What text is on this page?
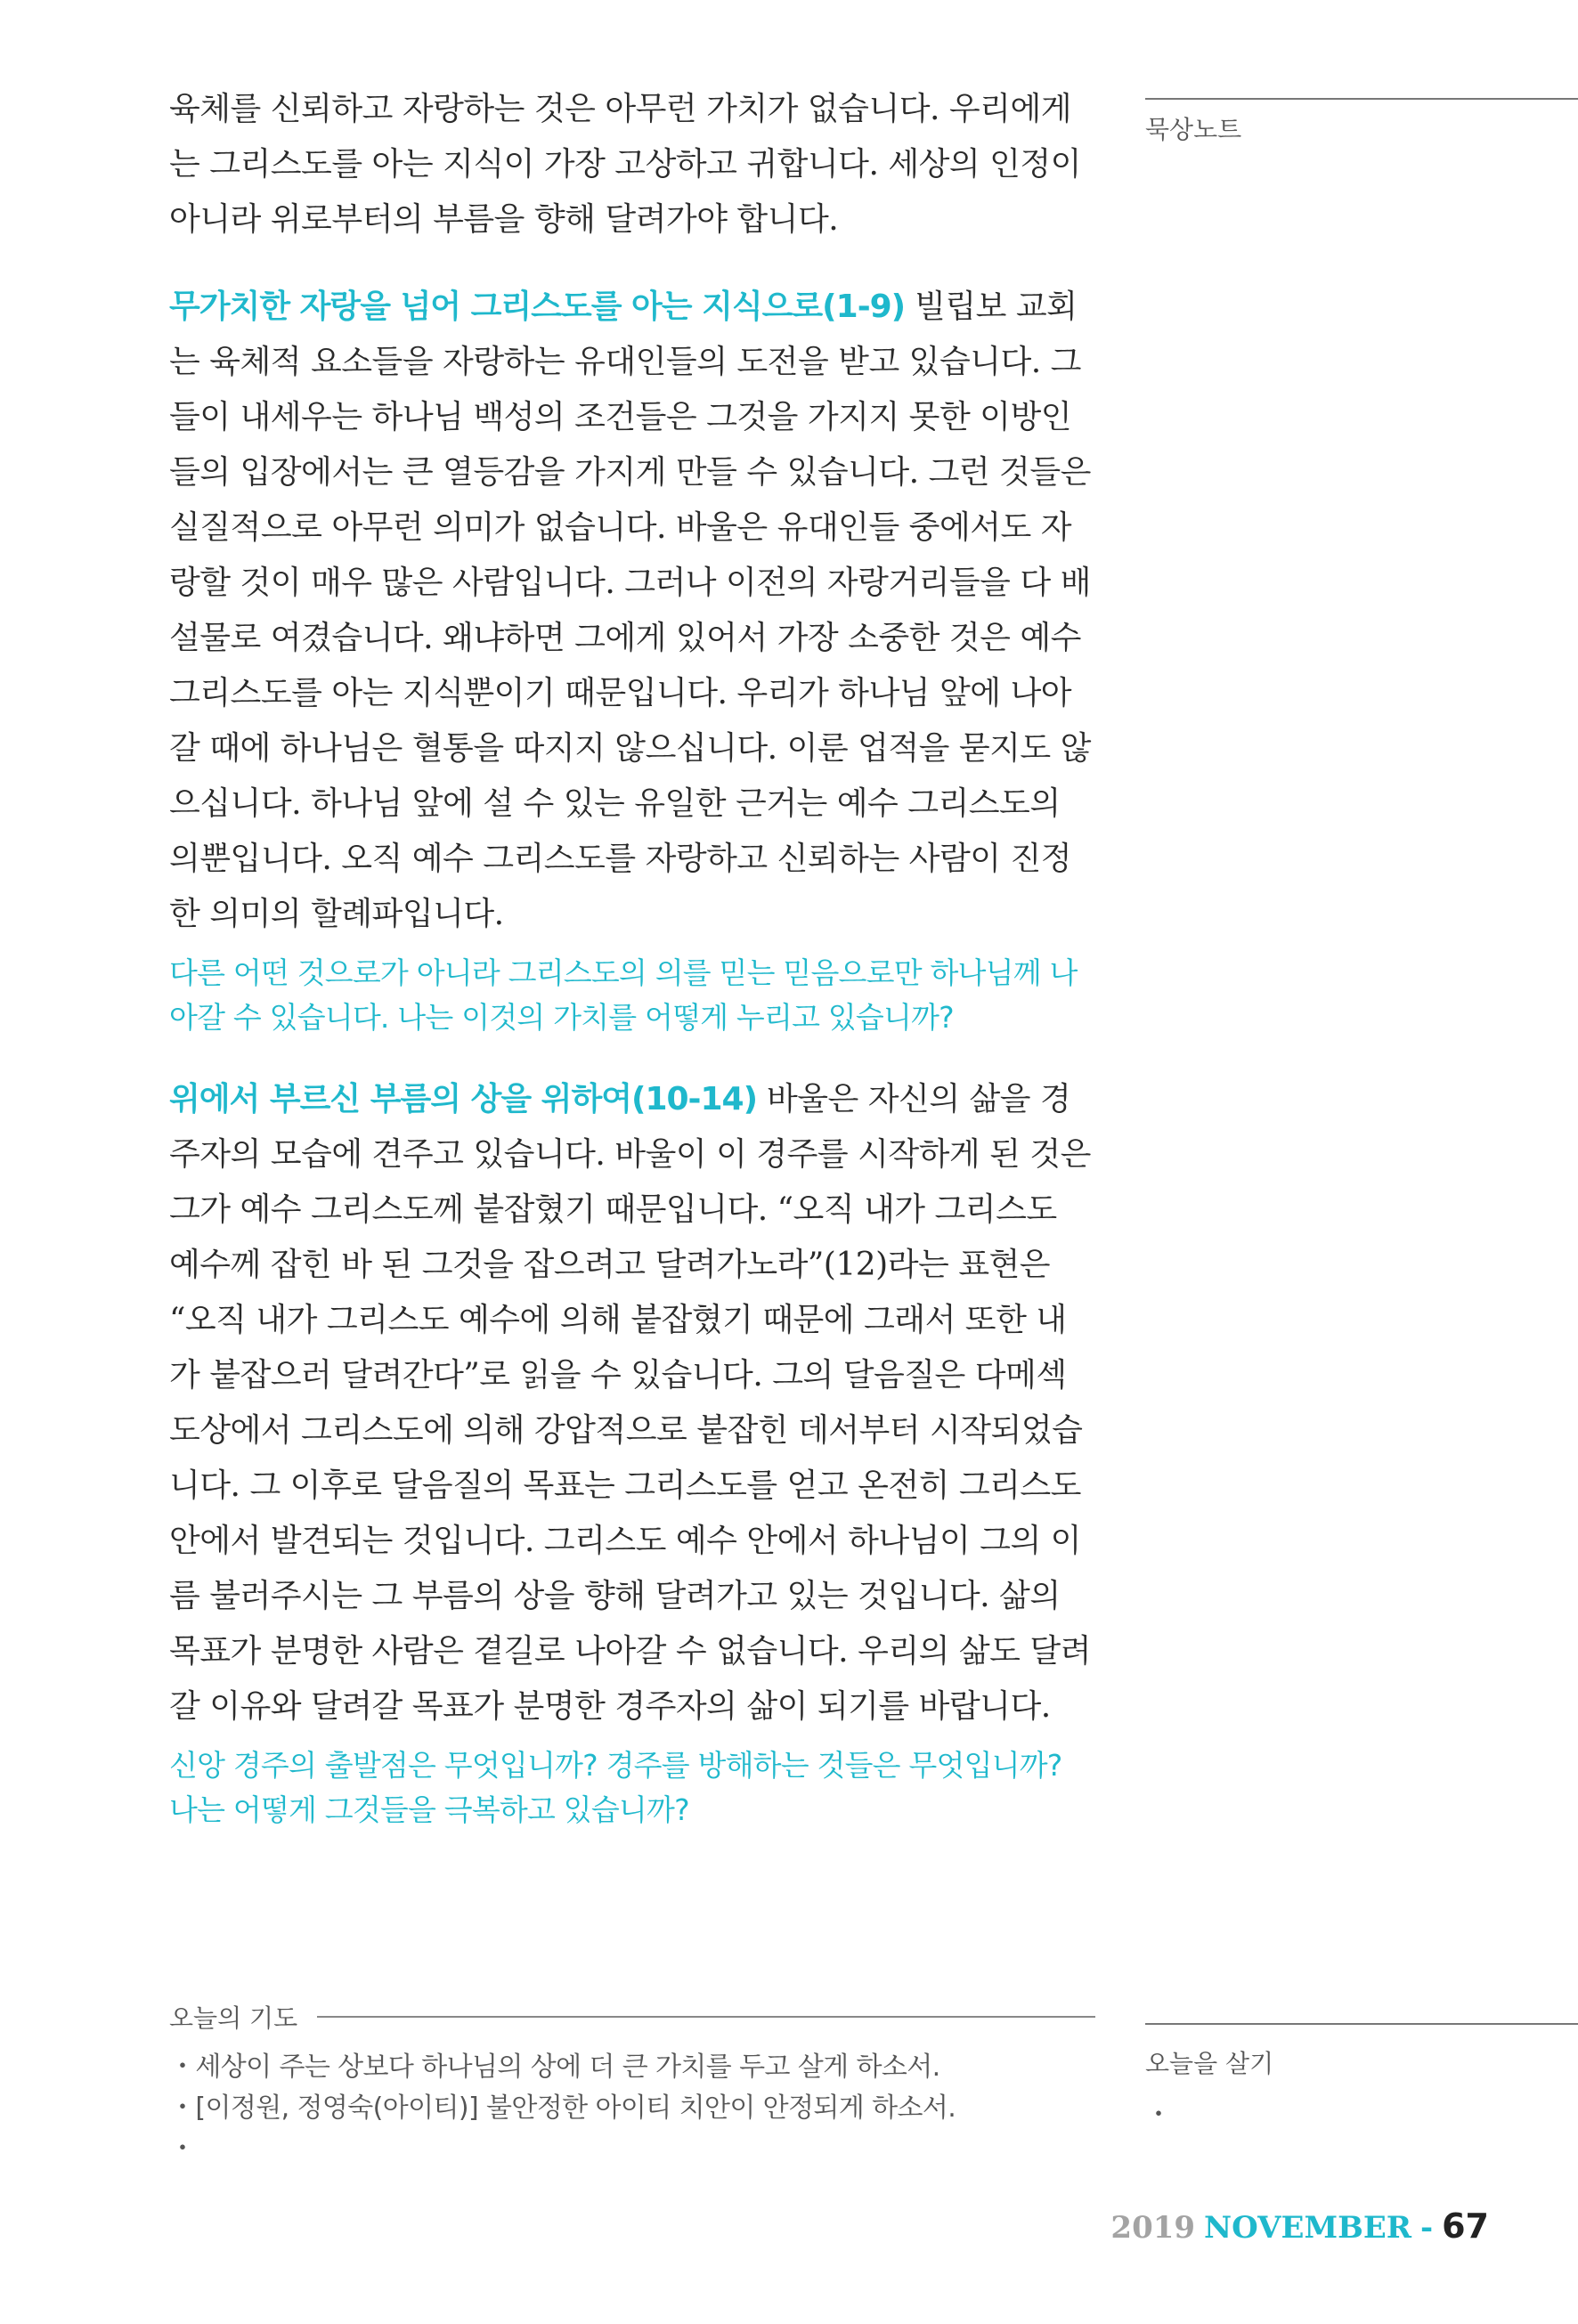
묵상노트

육체를 신뢰하고 자랑하는 것은 아무런 가치가 없습니다. 우리에게는 그리스도를 아는 지식이 가장 고상하고 귀합니다. 세상의 인정이 아니라 위로부터의 부름을 향해 달려가야 합니다.

무가치한 자랑을 넘어 그리스도를 아는 지식으로(1-9) 빌립보 교회는 육체적 요소들을 자랑하는 유대인들의 도전을 받고 있습니다. 그들이 내세우는 하나님 백성의 조건들은 그것을 가지지 못한 이방인들의 입장에서는 큰 열등감을 가지게 만들 수 있습니다. 그런 것들은 실질적으로 아무런 의미가 없습니다. 바울은 유대인들 중에서도 자랑할 것이 매우 많은 사람입니다. 그러나 이전의 자랑거리들을 다 배설물로 여겼습니다. 왜냐하면 그에게 있어서 가장 소중한 것은 예수 그리스도를 아는 지식뿐이기 때문입니다. 우리가 하나님 앞에 나아갈 때에 하나님은 혈통을 따지지 않으십니다. 이룬 업적을 묻지도 않으십니다. 하나님 앞에 설 수 있는 유일한 근거는 예수 그리스도의 의뿐입니다. 오직 예수 그리스도를 자랑하고 신뢰하는 사람이 진정한 의미의 할례파입니다.

다른 어떤 것으로가 아니라 그리스도의 의를 믿는 믿음으로만 하나님께 나아갈 수 있습니다. 나는 이것의 가치를 어떻게 누리고 있습니까?

위에서 부르신 부름의 상을 위하여(10-14) 바울은 자신의 삶을 경주자의 모습에 견주고 있습니다. 바울이 이 경주를 시작하게 된 것은 그가 예수 그리스도께 붙잡혔기 때문입니다. “오직 내가 그리스도 예수께 잡힌 바 된 그것을 잡으려고 달려가노라”(12)라는 표현은 “오직 내가 그리스도 예수에 의해 붙잡혔기 때문에 그래서 또한 내가 붙잡으러 달려간다”로 읽을 수 있습니다. 그의 달음질은 다메섹 도상에서 그리스도에 의해 강압적으로 붙잡힌 데서부터 시작되었습니다. 그 이후로 달음질의 목표는 그리스도를 얻고 온전히 그리스도 안에서 발견되는 것입니다. 그리스도 예수 안에서 하나님이 그의 이름 불러주시는 그 부름의 상을 향해 달려가고 있는 것입니다. 삶의 목표가 분명한 사람은 곁길로 나아갈 수 없습니다. 우리의 삶도 달려갈 이유와 달려갈 목표가 분명한 경주자의 삶이 되기를 바랍니다.

신앙 경주의 출발점은 무엇입니까? 경주를 방해하는 것들은 무엇입니까? 나는 어떻게 그것들을 극복하고 있습니까?

오늘의 기도
・세상이 주는 상보다 하나님의 상에 더 큰 가치를 두고 살게 하소서.
・[이정원, 정영숙(아이티)] 불안정한 아이티 치안이 안정되게 하소서.
・
오늘을 살기
・
2019 NOVEMBER - 67
